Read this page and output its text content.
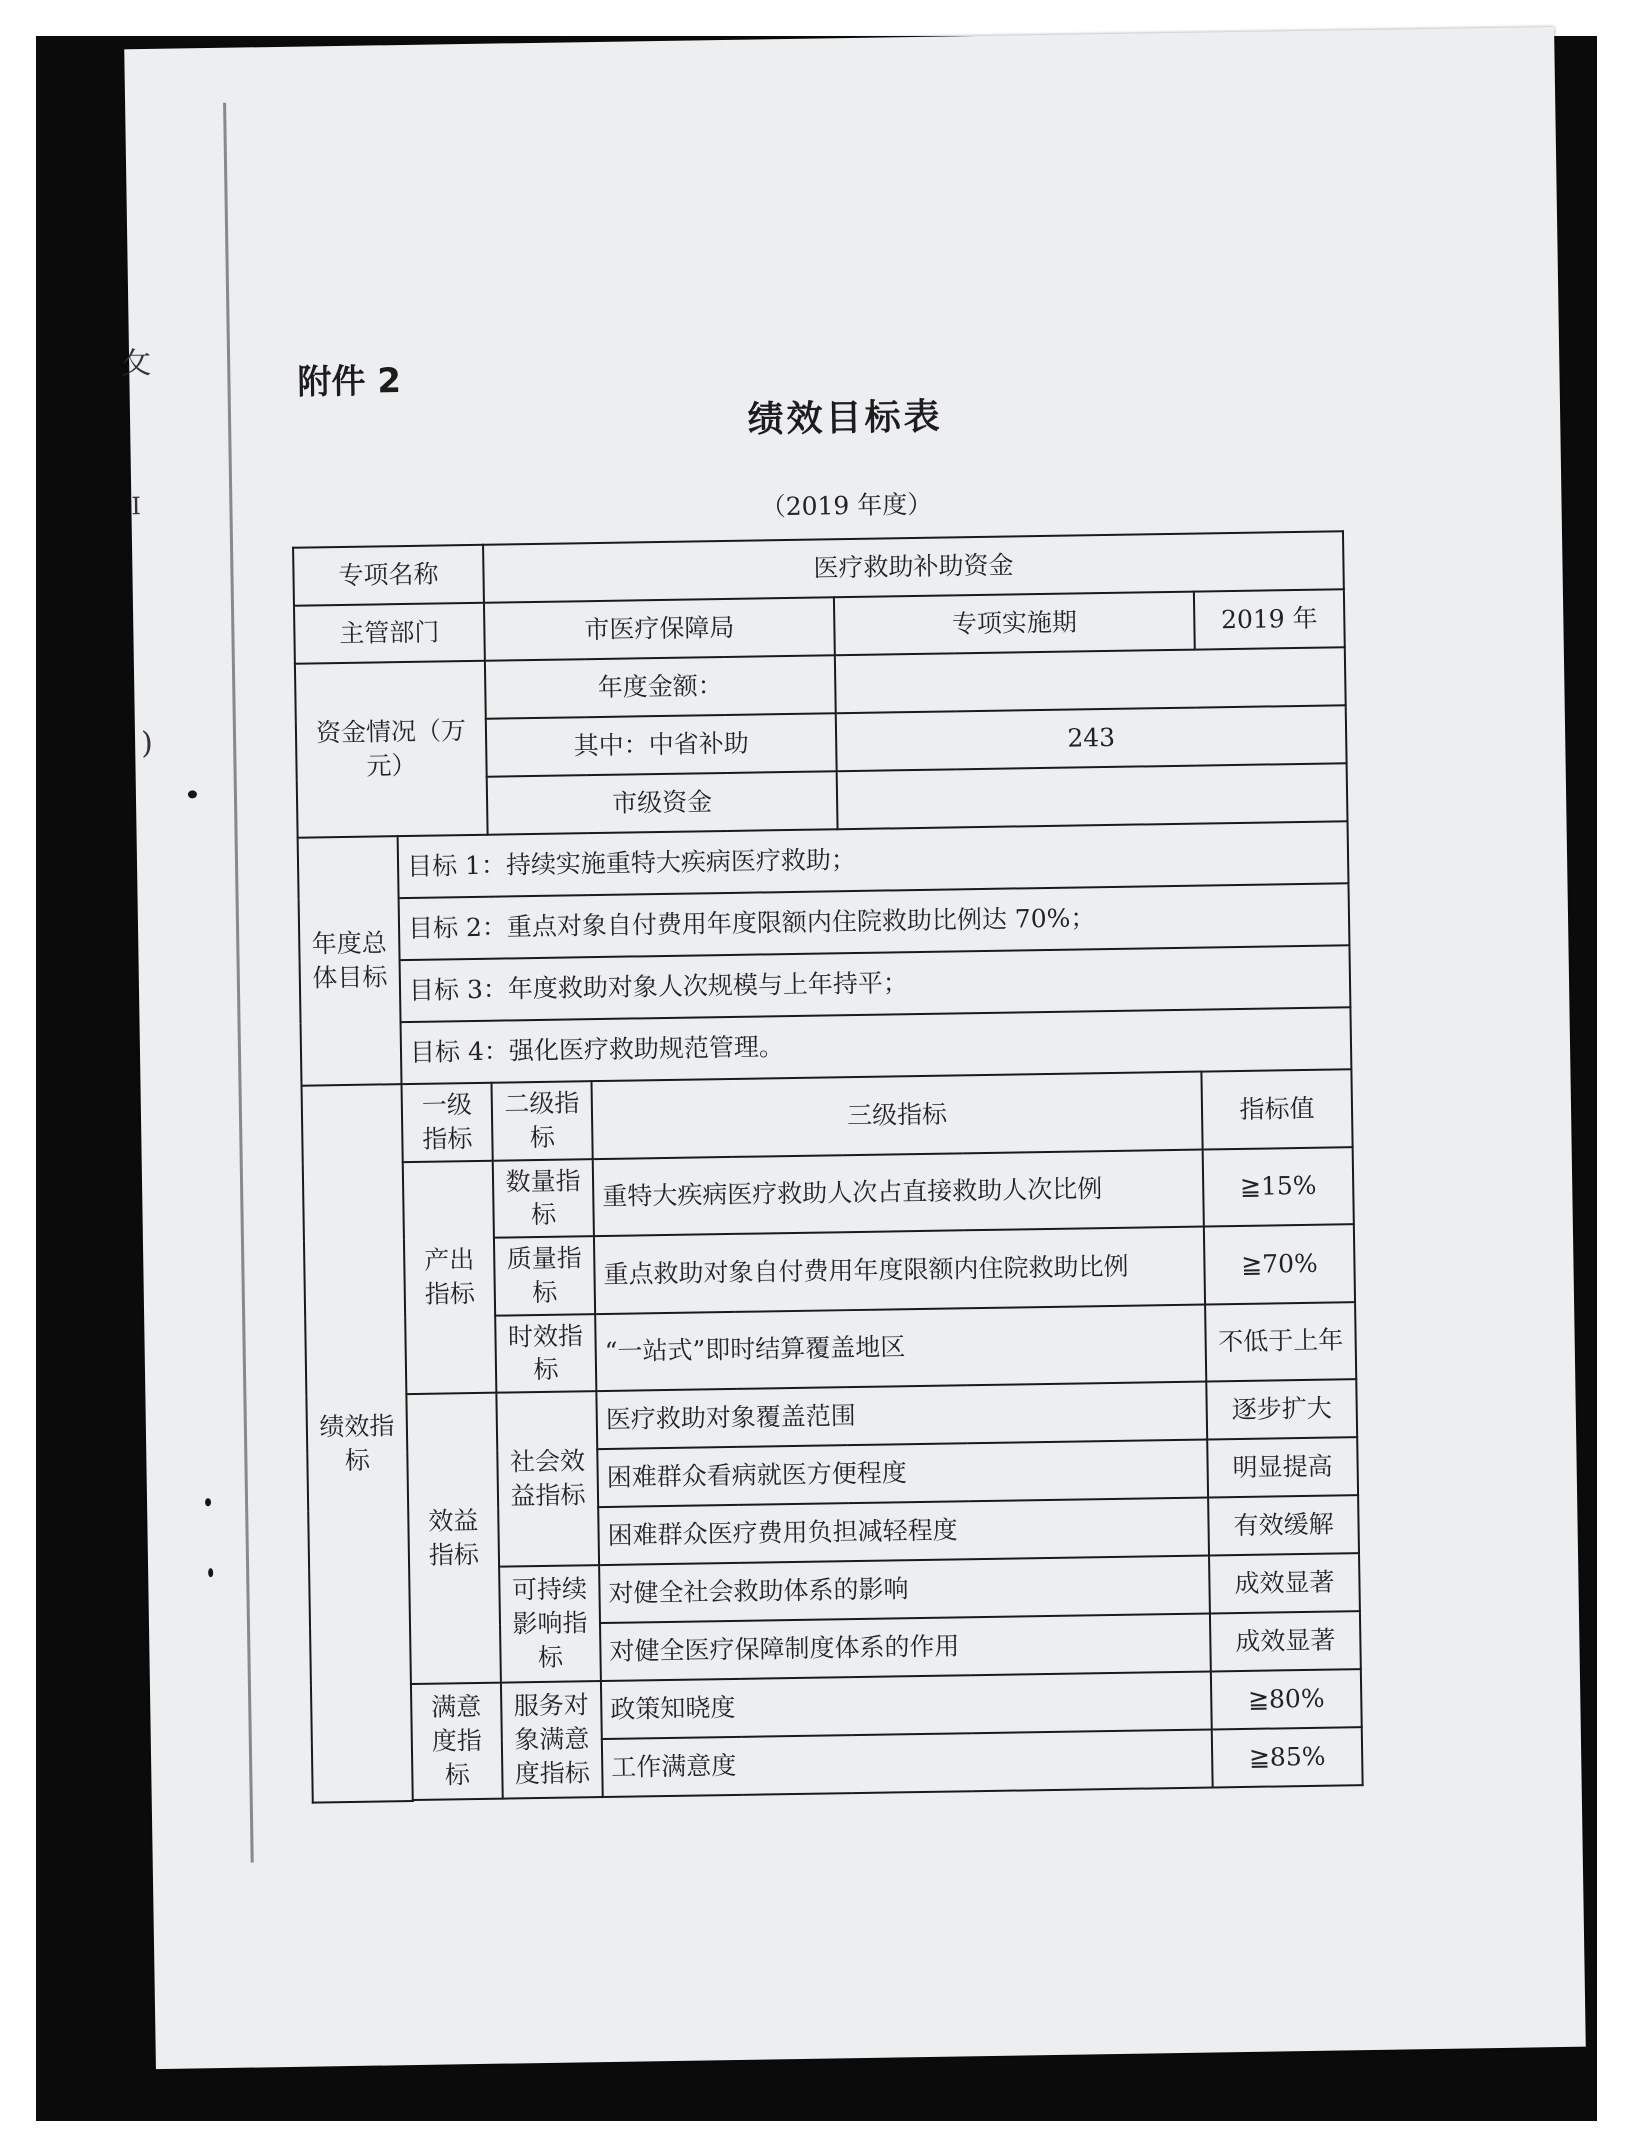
攵
Ⅰ
)
附件 2
绩效目标表
（2019 年度）
专项名称		医疗救助补助资金			
主管部门		市医疗保障局		专项实施期	2019 年
资金情况（万元）		年度金额：			
		其中：中省补助		243	
		市级资金			
年度总体目标	目标 1：持续实施重特大疾病医疗救助；				
	目标 2：重点对象自付费用年度限额内住院救助比例达 70%；				
	目标 3：年度救助对象人次规模与上年持平；				
	目标 4：强化医疗救助规范管理。				
绩效指标	一级指标	二级指标	三级指标		指标值
	产出指标	数量指标	重特大疾病医疗救助人次占直接救助人次比例		≧15%
		质量指标	重点救助对象自付费用年度限额内住院救助比例		≧70%
		时效指标	“一站式”即时结算覆盖地区		不低于上年
	效益指标	社会效益指标	医疗救助对象覆盖范围		逐步扩大
			困难群众看病就医方便程度		明显提高
			困难群众医疗费用负担减轻程度		有效缓解
		可持续影响指标	对健全社会救助体系的影响		成效显著
			对健全医疗保障制度体系的作用		成效显著
	满意度指标	服务对象满意度指标	政策知晓度		≧80%
			工作满意度		≧85%
